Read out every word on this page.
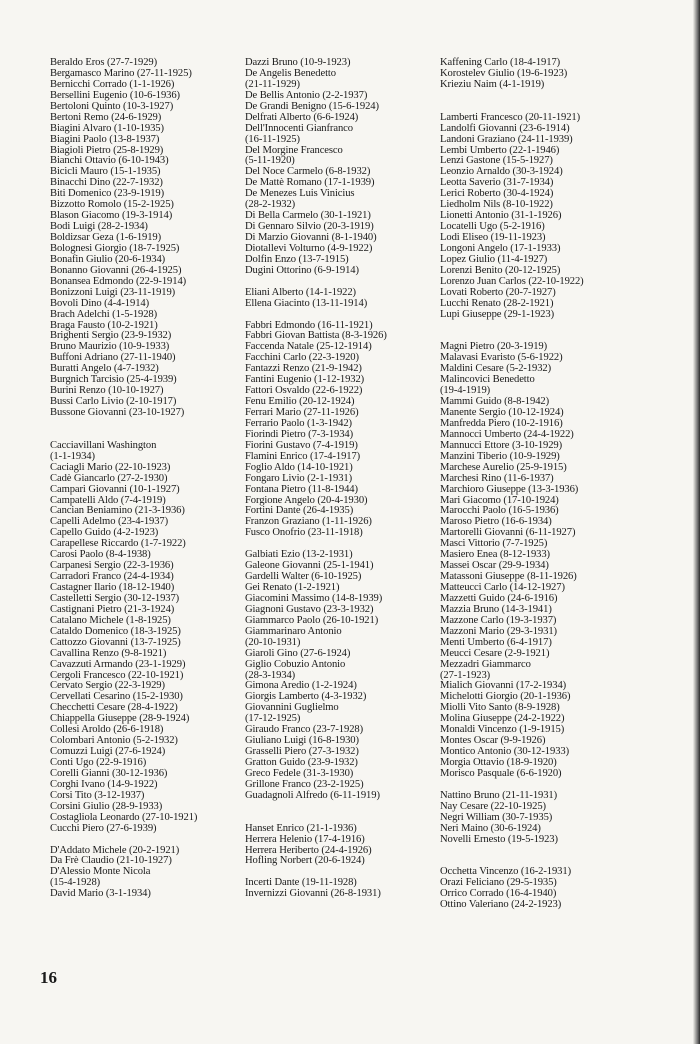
Beraldo Eros (27-7-1929)
Bergamasco Marino (27-11-1925)
Bernicchi Corrado (1-1-1926)
Bersellini Eugenio (10-6-1936)
Bertoloni Quinto (10-3-1927)
Bertoni Remo (24-6-1929)
Biagini Alvaro (1-10-1935)
Biagini Paolo (13-8-1937)
Biagioli Pietro (25-8-1929)
Bianchi Ottavio (6-10-1943)
Bicicli Mauro (15-1-1935)
Binacchi Dino (22-7-1932)
Biti Domenico (23-9-1919)
Bizzotto Romolo (15-2-1925)
Blason Giacomo (19-3-1914)
Bodi Luigi (28-2-1934)
Boldizsar Geza (1-6-1919)
Bolognesi Giorgio (18-7-1925)
Bonafin Giulio (20-6-1934)
Bonanno Giovanni (26-4-1925)
Bonansea Edmondo (22-9-1914)
Bonizzoni Luigi (23-11-1919)
Bovoli Dino (4-4-1914)
Brach Adelchi (1-5-1928)
Braga Fausto (10-2-1921)
Brighenti Sergio (23-9-1932)
Bruno Maurizio (10-9-1933)
Buffoni Adriano (27-11-1940)
Buratti Angelo (4-7-1932)
Burgnich Tarcisio (25-4-1939)
Burini Renzo (10-10-1927)
Bussi Carlo Livio (2-10-1917)
Bussone Giovanni (23-10-1927)
Cacciavillani Washington
(1-1-1934)
Caciagli Mario (22-10-1923)
Cadè Giancarlo (27-2-1930)
Campari Giovanni (10-1-1927)
Campatelli Aldo (7-4-1919)
Cancian Beniamino (21-3-1936)
Capelli Adelmo (23-4-1937)
Capello Guido (4-2-1923)
Carapellese Riccardo (1-7-1922)
Carosi Paolo (8-4-1938)
Carpanesi Sergio (22-3-1936)
Carradori Franco (24-4-1934)
Castagner Ilario (18-12-1940)
Castelletti Sergio (30-12-1937)
Castignani Pietro (21-3-1924)
Catalano Michele (1-8-1925)
Cataldo Domenico (18-3-1925)
Cattozzo Giovanni (13-7-1925)
Cavallina Renzo (9-8-1921)
Cavazzuti Armando (23-1-1929)
Cergoli Francesco (22-10-1921)
Cervato Sergio (22-3-1929)
Cervellati Cesarino (15-2-1930)
Checchetti Cesare (28-4-1922)
Chiappella Giuseppe (28-9-1924)
Collesi Aroldo (26-6-1918)
Colombari Antonio (5-2-1932)
Comuzzi Luigi (27-6-1924)
Conti Ugo (22-9-1916)
Corelli Gianni (30-12-1936)
Corghi Ivano (14-9-1922)
Corsi Tito (3-12-1937)
Corsini Giulio (28-9-1933)
Costagliola Leonardo (27-10-1921)
Cucchi Piero (27-6-1939)
D'Addato Michele (20-2-1921)
Da Frè Claudio (21-10-1927)
D'Alessio Monte Nicola
(15-4-1928)
David Mario (3-1-1934)
Dazzi Bruno (10-9-1923)
De Angelis Benedetto
(21-11-1929)
De Bellis Antonio (2-2-1937)
De Grandi Benigno (15-6-1924)
Delfrati Alberto (6-6-1924)
Dell'Innocenti Gianfranco
(16-11-1925)
Del Morgine Francesco
(5-11-1920)
Del Noce Carmelo (6-8-1932)
De Mattè Romano (17-1-1939)
De Menezes Luis Vinicius
(28-2-1932)
Di Bella Carmelo (30-1-1921)
Di Gennaro Silvio (20-3-1919)
Di Marzio Giovanni (8-1-1940)
Diotallevi Volturno (4-9-1922)
Dolfin Enzo (13-7-1915)
Dugini Ottorino (6-9-1914)
Eliani Alberto (14-1-1922)
Ellena Giacinto (13-11-1914)
Fabbri Edmondo (16-11-1921)
Fabbri Giovan Battista (8-3-1926)
Faccenda Natale (25-12-1914)
Facchini Carlo (22-3-1920)
Fantazzi Renzo (21-9-1942)
Fantini Eugenio (1-12-1932)
Fattori Osvaldo (22-6-1922)
Fenu Emilio (20-12-1924)
Ferrari Mario (27-11-1926)
Ferrario Paolo (1-3-1942)
Fiorindi Pietro (7-3-1934)
Fiorini Gustavo (7-4-1919)
Flamini Enrico (17-4-1917)
Foglio Aldo (14-10-1921)
Fongaro Livio (2-1-1931)
Fontana Pietro (11-8-1944)
Forgione Angelo (20-4-1930)
Fortini Dante (26-4-1935)
Franzon Graziano (1-11-1926)
Fusco Onofrio (23-11-1918)
Galbiati Ezio (13-2-1931)
Galeone Giovanni (25-1-1941)
Gardelli Walter (6-10-1925)
Gei Renato (1-2-1921)
Giacomini Massimo (14-8-1939)
Giagnoni Gustavo (23-3-1932)
Giammarco Paolo (26-10-1921)
Giammarinaro Antonio
(20-10-1931)
Giaroli Gino (27-6-1924)
Giglio Cobuzio Antonio
(28-3-1934)
Gimona Aredio (1-2-1924)
Giorgis Lamberto (4-3-1932)
Giovannini Guglielmo
(17-12-1925)
Giraudo Franco (23-7-1928)
Giuliano Luigi (16-8-1930)
Grasselli Piero (27-3-1932)
Gratton Guido (23-9-1932)
Greco Fedele (31-3-1930)
Grillone Franco (23-2-1925)
Guadagnoli Alfredo (6-11-1919)
Hanset Enrico (21-1-1936)
Herrera Helenio (17-4-1916)
Herrera Heriberto (24-4-1926)
Hofling Norbert (20-6-1924)
Incerti Dante (19-11-1928)
Invernizzi Giovanni (26-8-1931)
Kaffening Carlo (18-4-1917)
Korostelev Giulio (19-6-1923)
Krieziu Naim (4-1-1919)
Lamberti Francesco (20-11-1921)
Landolfi Giovanni (23-6-1914)
Landoni Graziano (24-11-1939)
Lembi Umberto (22-1-1946)
Lenzi Gastone (15-5-1927)
Leonzio Arnaldo (30-3-1924)
Leotta Saverio (31-7-1934)
Lerici Roberto (30-4-1924)
Liedholm Nils (8-10-1922)
Lionetti Antonio (31-1-1926)
Locatelli Ugo (5-2-1916)
Lodi Eliseo (19-11-1923)
Longoni Angelo (17-1-1933)
Lopez Giulio (11-4-1927)
Lorenzi Benito (20-12-1925)
Lorenzo Juan Carlos (22-10-1922)
Lovati Roberto (20-7-1927)
Lucchi Renato (28-2-1921)
Lupi Giuseppe (29-1-1923)
Magni Pietro (20-3-1919)
Malavasi Evaristo (5-6-1922)
Maldini Cesare (5-2-1932)
Malincovici Benedetto
(19-4-1919)
Mammi Guido (8-8-1942)
Manente Sergio (10-12-1924)
Manfredda Piero (10-2-1916)
Mannocci Umberto (24-4-1922)
Mannucci Ettore (3-10-1929)
Manzini Tiberio (10-9-1929)
Marchese Aurelio (25-9-1915)
Marchesi Rino (11-6-1937)
Marchioro Giuseppe (13-3-1936)
Mari Giacomo (17-10-1924)
Marocchi Paolo (16-5-1936)
Maroso Pietro (16-6-1934)
Martorelli Giovanni (6-11-1927)
Masci Vittorio (7-7-1925)
Masiero Enea (8-12-1933)
Massei Oscar (29-9-1934)
Matassoni Giuseppe (8-11-1926)
Matteucci Carlo (14-12-1927)
Mazzetti Guido (24-6-1916)
Mazzia Bruno (14-3-1941)
Mazzone Carlo (19-3-1937)
Mazzoni Mario (29-3-1931)
Menti Umberto (6-4-1917)
Meucci Cesare (2-9-1921)
Mezzadri Giammarco
(27-1-1923)
Mialich Giovanni (17-2-1934)
Michelotti Giorgio (20-1-1936)
Miolli Vito Santo (8-9-1928)
Molina Giuseppe (24-2-1922)
Monaldi Vincenzo (1-9-1915)
Montes Oscar (9-9-1926)
Montico Antonio (30-12-1933)
Morgia Ottavio (18-9-1920)
Morisco Pasquale (6-6-1920)
Nattino Bruno (21-11-1931)
Nay Cesare (22-10-1925)
Negri William (30-7-1935)
Neri Maino (30-6-1924)
Novelli Ernesto (19-5-1923)
Occhetta Vincenzo (16-2-1931)
Orazi Feliciano (29-5-1935)
Orrico Corrado (16-4-1940)
Ottino Valeriano (24-2-1923)
16
